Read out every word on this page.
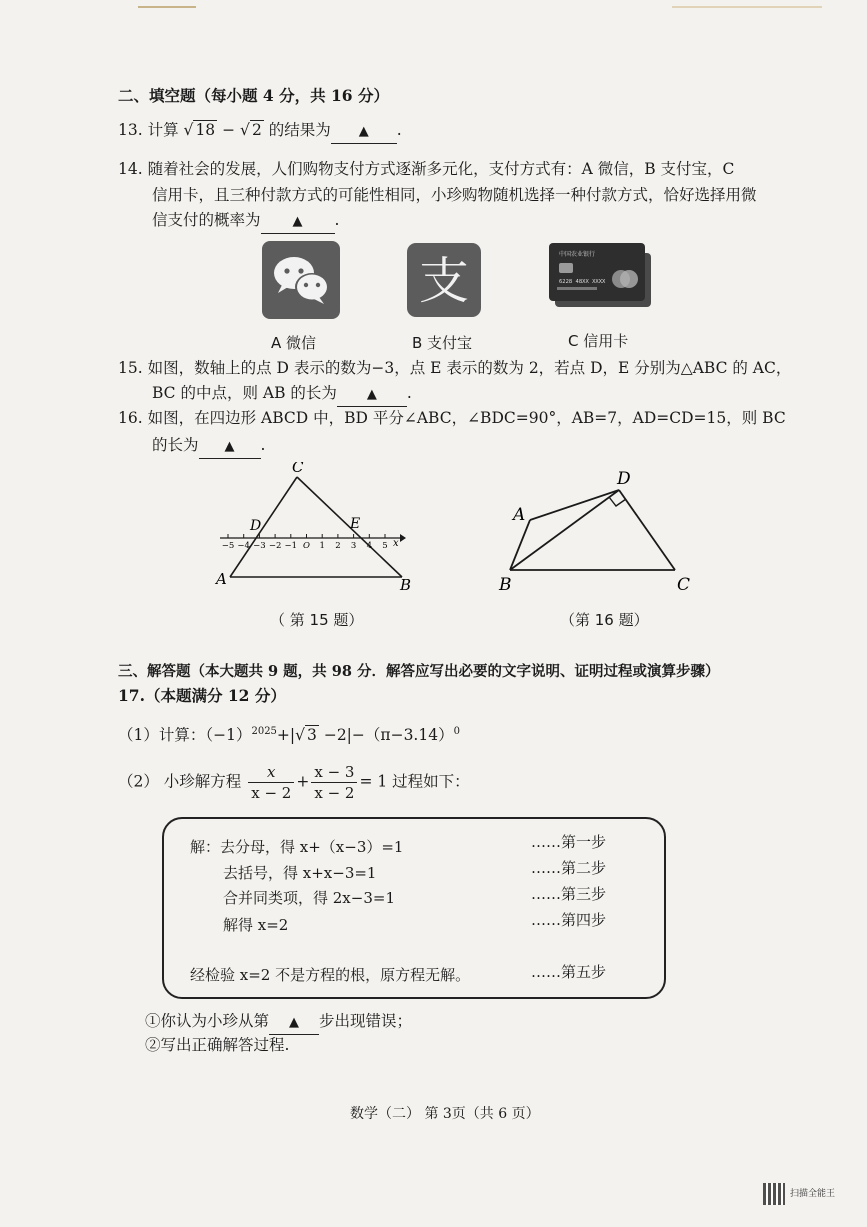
二、填空题（每小题 4 分，共 16 分）
13. 计算 √ 18 − √ 2 的结果为 ▲ .
14. 随着社会的发展，人们购物支付方式逐渐多元化，支付方式有：A 微信，B 支付宝，C
信用卡，且三种付款方式的可能性相同，小珍购物随机选择一种付款方式，恰好选择用微
信支付的概率为 ▲ .
支	中国农业银行
6228 48XX XXXX
A 微信	B 支付宝	C 信用卡
15. 如图，数轴上的点 D 表示的数为−3，点 E 表示的数为 2，若点 D，E 分别为△ABC 的 AC，
BC 的中点，则 AB 的长为 ▲ .
16. 如图，在四边形 ABCD 中，BD 平分∠ABC，∠BDC=90°，AB=7，AD=CD=15，则 BC
的长为 ▲ .
−5 −4 −3 −2 −1 O 1 2 3 4 5
A	B
C
D	E
x
（ 第 15 题）
A
B	C
D
（第 16 题）
三、解答题（本大题共 9 题，共 98 分．解答应写出必要的文字说明、证明过程或演算步骤）
17.（本题满分 12 分）
（1）计算：$(-1)^{2025}+|√$ $3 -2|-(\pi-3.14)^0$
（2） 小珍解方程 $\frac{x}{x - 2} + \frac{x - 3}{x - 2} = 1$ 过程如下：
解：去分母，得 x+（x−3）=1	……第一步
去括号，得 x+x−3=1	……第二步
合并同类项，得 2x−3=1	……第三步
解得 x=2	……第四步
经检验 x=2 不是方程的根，原方程无解。	……第五步
①你认为小珍从第 ▲ 步出现错误；
②写出正确解答过程.
数学（二） 第 3页（共 6 页）
扫描全能王
